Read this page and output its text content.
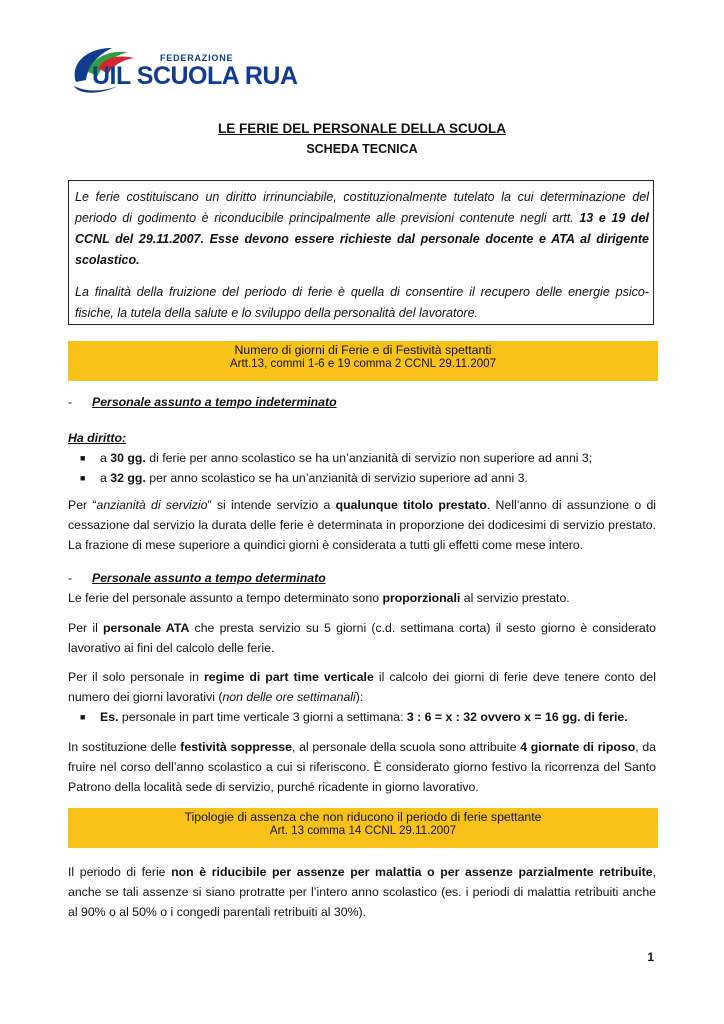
FEDERAZIONE
UIL SCUOLA RUA
LE FERIE DEL PERSONALE DELLA SCUOLA
SCHEDA TECNICA

Le ferie costituiscano un diritto irrinunciabile, costituzionalmente tutelato la cui determinazione del periodo di godimento è riconducibile principalmente alle previsioni contenute negli artt. 13 e 19 del CCNL del 29.11.2007. Esse devono essere richieste dal personale docente e ATA al dirigente scolastico.

La finalità della fruizione del periodo di ferie è quella di consentire il recupero delle energie psico-fisiche, la tutela della salute e lo sviluppo della personalità del lavoratore.

Numero di giorni di Ferie e di Festività spettanti
Artt.13, commi 1-6 e 19 comma 2 CCNL 29.11.2007

- Personale assunto a tempo indeterminato

Ha diritto:

■ a 30 gg. di ferie per anno scolastico se ha un’anzianità di servizio non superiore ad anni 3;
■ a 32 gg. per anno scolastico se ha un’anzianità di servizio superiore ad anni 3.

Per “anzianità di servizio” si intende servizio a qualunque titolo prestato. Nell’anno di assunzione o di cessazione dal servizio la durata delle ferie è determinata in proporzione dei dodicesimi di servizio prestato. La frazione di mese superiore a quindici giorni è considerata a tutti gli effetti come mese intero.

- Personale assunto a tempo determinato

Le ferie del personale assunto a tempo determinato sono proporzionali al servizio prestato.

Per il personale ATA che presta servizio su 5 giorni (c.d. settimana corta) il sesto giorno è considerato lavorativo ai fini del calcolo delle ferie.

Per il solo personale in regime di part time verticale il calcolo dei giorni di ferie deve tenere conto del numero dei giorni lavorativi (non delle ore settimanali):

■ Es. personale in part time verticale 3 giorni a settimana: 3 : 6 = x : 32 ovvero x = 16 gg. di ferie.

In sostituzione delle festività soppresse, al personale della scuola sono attribuite 4 giornate di riposo, da fruire nel corso dell’anno scolastico a cui si riferiscono. È considerato giorno festivo la ricorrenza del Santo Patrono della località sede di servizio, purché ricadente in giorno lavorativo.

Tipologie di assenza che non riducono il periodo di ferie spettante
Art. 13 comma 14 CCNL 29.11.2007

Il periodo di ferie non è riducibile per assenze per malattia o per assenze parzialmente retribuite, anche se tali assenze si siano protratte per l’intero anno scolastico (es. i periodi di malattia retribuiti anche al 90% o al 50% o i congedi parentali retribuiti al 30%).

1
